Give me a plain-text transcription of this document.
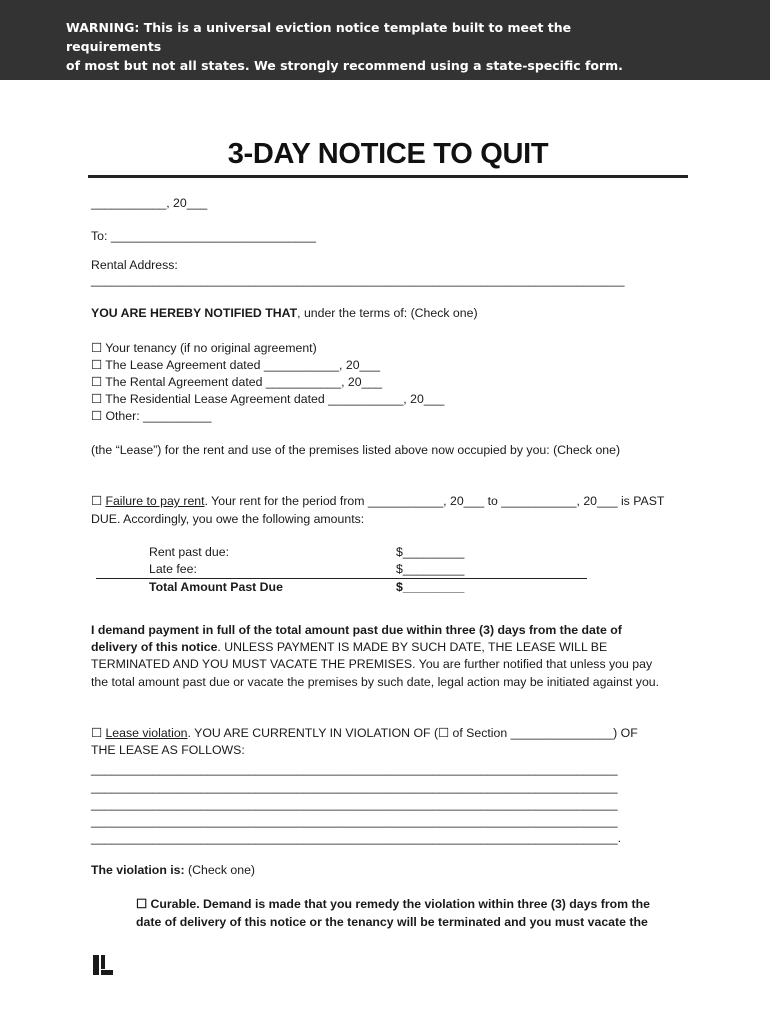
WARNING: This is a universal eviction notice template built to meet the requirements
of most but not all states. We strongly recommend using a state-specific form.

3-DAY NOTICE TO QUIT
___________, 20___
To: ______________________________
Rental Address:
______________________________________________________________________________
YOU ARE HEREBY NOTIFIED THAT, under the terms of: (Check one)
☐ Your tenancy (if no original agreement)
☐ The Lease Agreement dated ___________, 20___
☐ The Rental Agreement dated ___________, 20___
☐ The Residential Lease Agreement dated ___________, 20___
☐ Other: __________
(the “Lease”) for the rent and use of the premises listed above now occupied by you: (Check one)
☐ Failure to pay rent. Your rent for the period from ___________, 20___ to ___________, 20___ is PAST
DUE. Accordingly, you owe the following amounts:
Rent past due:	$_________
Late fee:	$_________
Total Amount Past Due	$_________
I demand payment in full of the total amount past due within three (3) days from the date of
delivery of this notice. UNLESS PAYMENT IS MADE BY SUCH DATE, THE LEASE WILL BE
TERMINATED AND YOU MUST VACATE THE PREMISES. You are further notified that unless you pay
the total amount past due or vacate the premises by such date, legal action may be initiated against you.
☐ Lease violation. YOU ARE CURRENTLY IN VIOLATION OF (☐ of Section _______________) OF
THE LEASE AS FOLLOWS:
_____________________________________________________________________________
_____________________________________________________________________________
_____________________________________________________________________________
_____________________________________________________________________________
_____________________________________________________________________________.
The violation is: (Check one)
☐ Curable. Demand is made that you remedy the violation within three (3) days from the
date of delivery of this notice or the tenancy will be terminated and you must vacate the
